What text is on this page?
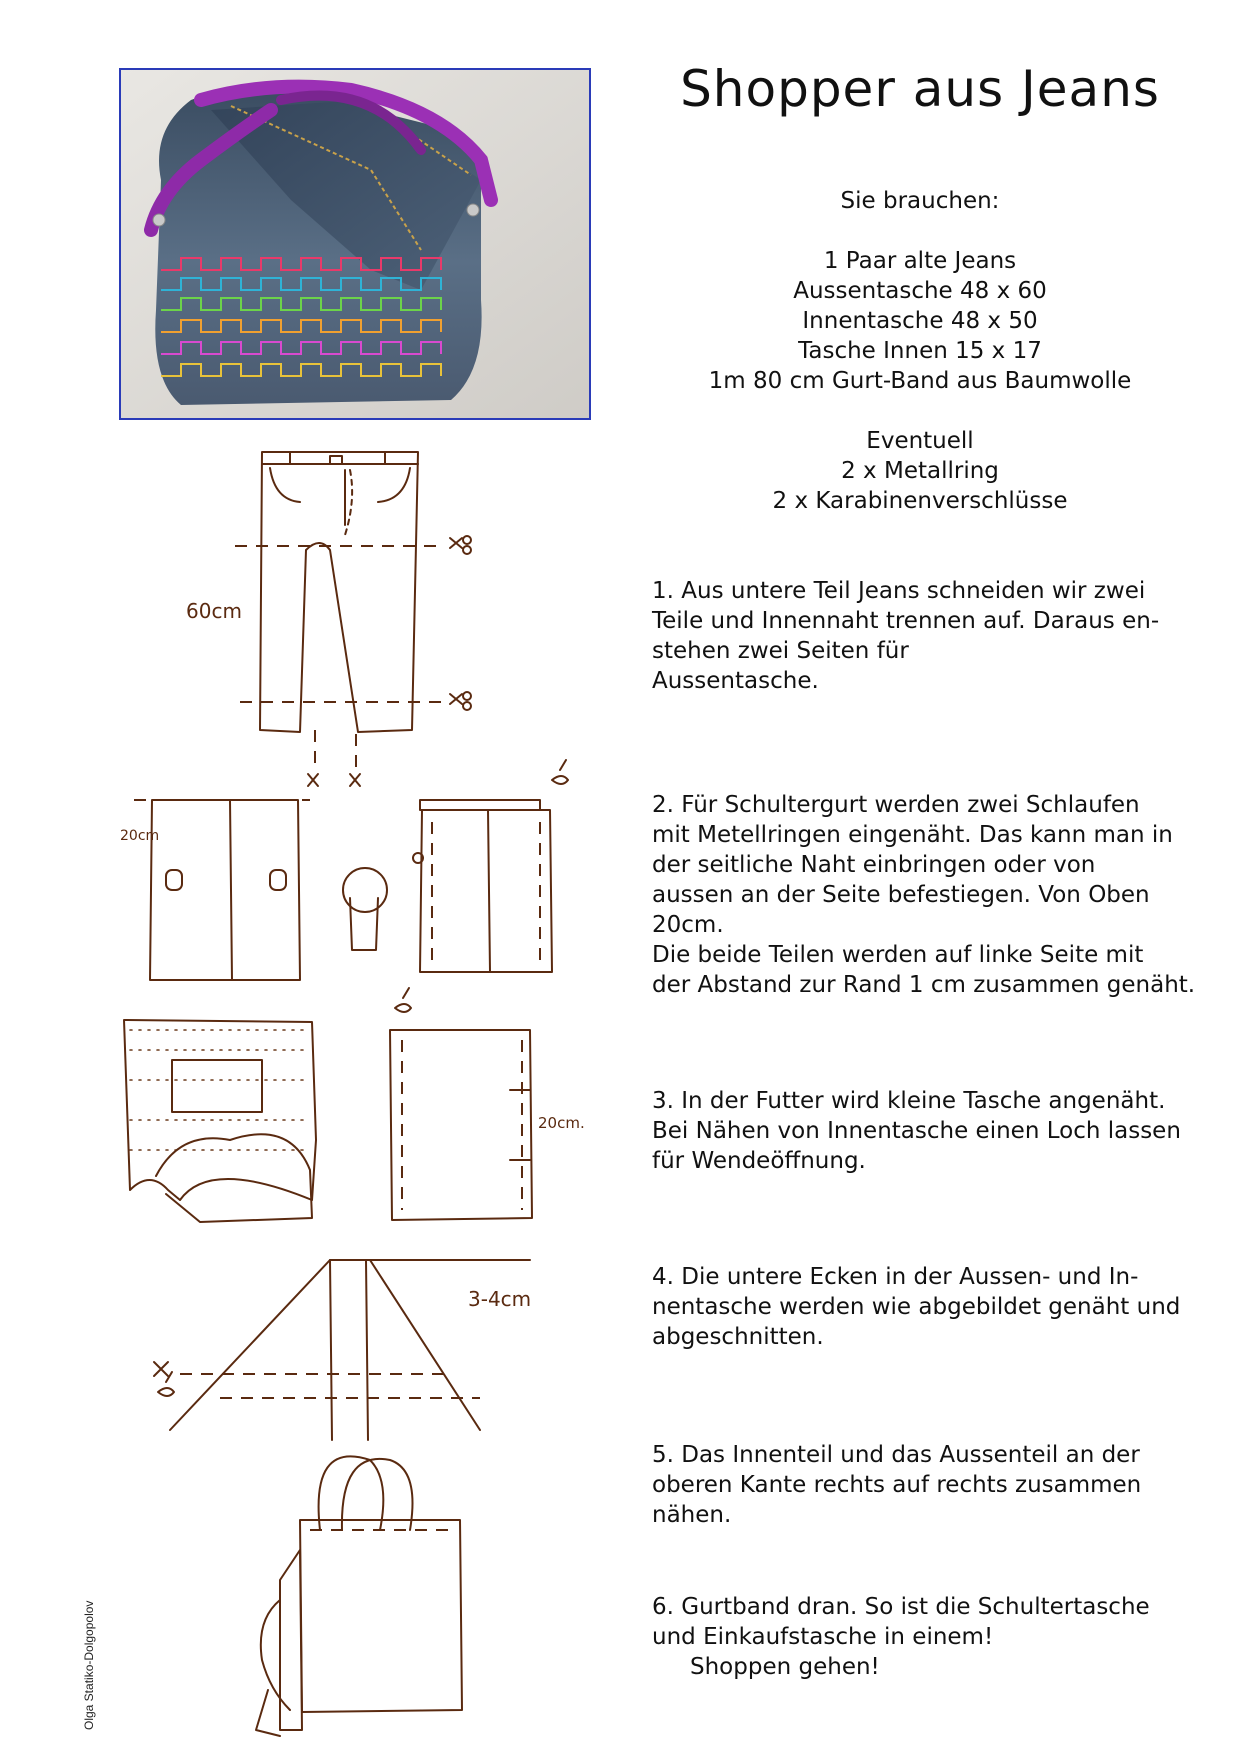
Shopper aus Jeans
Sie brauchen:
1 Paar alte Jeans
Aussentasche 48 x 60
Innentasche 48 x 50
Tasche Innen 15 x 17
1m 80 cm Gurt-Band aus Baumwolle
Eventuell
2 x Metallring
2 x Karabinenverschlüsse
1. Aus untere Teil Jeans schneiden wir zwei
Teile und Innennaht trennen auf. Daraus en-
stehen zwei Seiten für
Aussentasche.
2. Für Schultergurt werden zwei Schlaufen
mit Metellringen eingenäht. Das kann man in
der seitliche Naht einbringen oder von
aussen an der Seite befestiegen. Von Oben
20cm.
Die beide Teilen werden auf linke Seite mit
der Abstand zur Rand 1 cm zusammen genäht.
3. In der Futter wird kleine Tasche angenäht.
Bei Nähen von Innentasche einen Loch lassen
für Wendeöffnung.
4. Die untere Ecken in der Aussen- und In-
nentasche werden wie abgebildet genäht und
abgeschnitten.
5. Das Innenteil und das Aussenteil an der
oberen Kante rechts auf rechts zusammen
nähen.
6. Gurtband dran. So ist die Schultertasche
und Einkaufstasche in einem!
Shoppen gehen!
60cm
20cm
20cm.
3-4cm
Olga Statiko-Dolgopolov
